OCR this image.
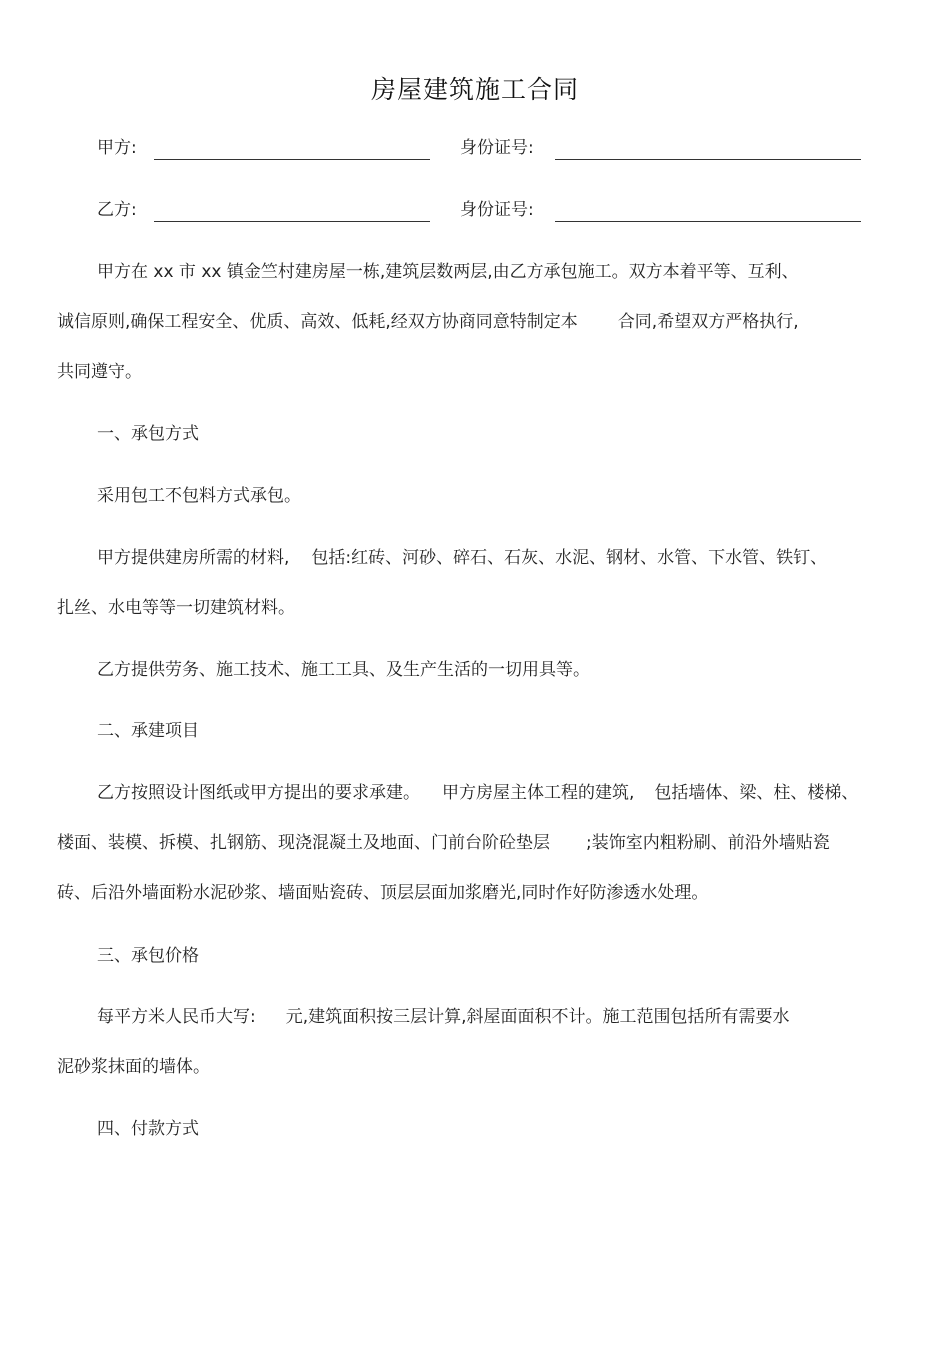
房屋建筑施工合同
甲方:	身份证号:
乙方:	身份证号:
甲方在 xx 市 xx 镇金竺村建房屋一栋,建筑层数两层,由乙方承包施工。双方本着平等、互利、
诚信原则,确保工程安全、优质、高效、低耗,经双方协商同意特制定本 合同,希望双方严格执行,
共同遵守。
一、承包方式
采用包工不包料方式承包。
甲方提供建房所需的材料, 包括:红砖、河砂、碎石、石灰、水泥、钢材、水管、下水管、铁钉、
扎丝、水电等等一切建筑材料。
乙方提供劳务、施工技术、施工工具、及生产生活的一切用具等。
二、承建项目
乙方按照设计图纸或甲方提出的要求承建。 甲方房屋主体工程的建筑, 包括墙体、梁、柱、楼梯、
楼面、装模、拆模、扎钢筋、现浇混凝土及地面、门前台阶砼垫层 ;装饰室内粗粉刷、前沿外墙贴瓷
砖、后沿外墙面粉水泥砂浆、墙面贴瓷砖、顶层层面加浆磨光,同时作好防渗透水处理。
三、承包价格
每平方米人民币大写: 元,建筑面积按三层计算,斜屋面面积不计。施工范围包括所有需要水
泥砂浆抹面的墙体。
四、付款方式
